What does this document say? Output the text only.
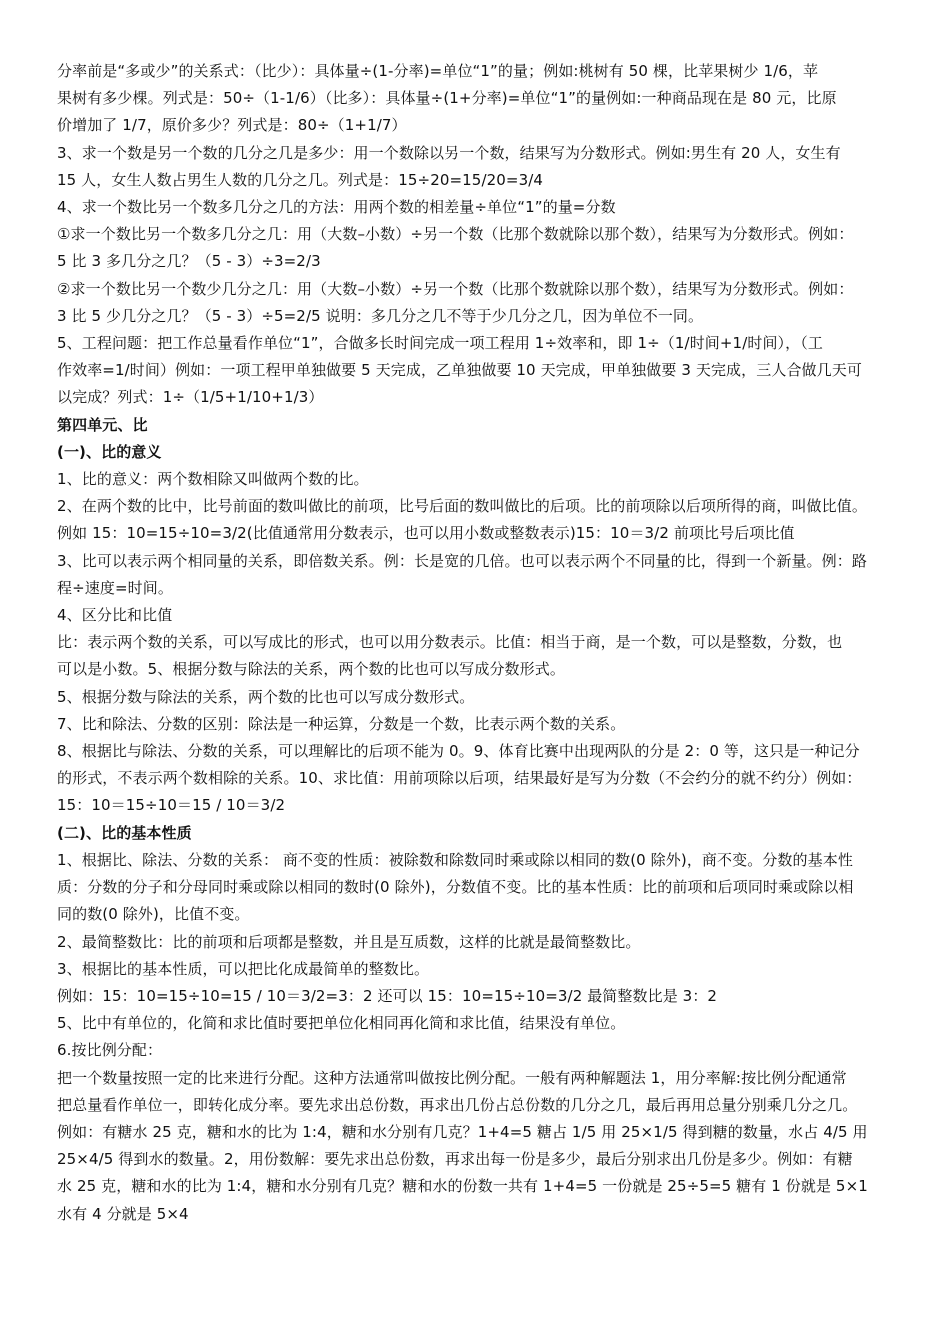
分率前是“多或少”的关系式：（比少）：具体量÷(1-分率)=单位“1”的量；例如:桃树有 50 棵，比苹果树少 1/6，苹
果树有多少棵。列式是：50÷（1-1/6）（比多）：具体量÷(1+分率)=单位“1”的量例如:一种商品现在是 80 元，比原
价增加了 1/7，原价多少？列式是：80÷（1+1/7）
3、求一个数是另一个数的几分之几是多少：用一个数除以另一个数，结果写为分数形式。例如:男生有 20 人，女生有
15 人，女生人数占男生人数的几分之几。列式是：15÷20=15/20=3/4
4、求一个数比另一个数多几分之几的方法：用两个数的相差量÷单位“1”的量=分数
①求一个数比另一个数多几分之几：用（大数–小数）÷另一个数（比那个数就除以那个数），结果写为分数形式。例如：
5 比 3 多几分之几？（5 - 3）÷3=2/3
②求一个数比另一个数少几分之几：用（大数–小数）÷另一个数（比那个数就除以那个数），结果写为分数形式。例如：
3 比 5 少几分之几？（5 - 3）÷5=2/5 说明：多几分之几不等于少几分之几，因为单位不一同。
5、工程问题：把工作总量看作单位“1”，合做多长时间完成一项工程用 1÷效率和，即 1÷（1/时间+1/时间），（工
作效率=1/时间）例如：一项工程甲单独做要 5 天完成，乙单独做要 10 天完成，甲单独做要 3 天完成，三人合做几天可
以完成？列式：1÷（1/5+1/10+1/3）
第四单元、比
(一)、比的意义
1、比的意义：两个数相除又叫做两个数的比。
2、在两个数的比中，比号前面的数叫做比的前项，比号后面的数叫做比的后项。比的前项除以后项所得的商，叫做比值。
例如 15：10=15÷10=3/2(比值通常用分数表示，也可以用小数或整数表示)15：10＝3/2 前项比号后项比值
3、比可以表示两个相同量的关系，即倍数关系。例：长是宽的几倍。也可以表示两个不同量的比，得到一个新量。例：路
程÷速度=时间。
4、区分比和比值
比：表示两个数的关系，可以写成比的形式，也可以用分数表示。比值：相当于商，是一个数，可以是整数，分数，也
可以是小数。5、根据分数与除法的关系，两个数的比也可以写成分数形式。
5、根据分数与除法的关系，两个数的比也可以写成分数形式。
7、比和除法、分数的区别：除法是一种运算，分数是一个数，比表示两个数的关系。
8、根据比与除法、分数的关系，可以理解比的后项不能为 0。9、体育比赛中出现两队的分是 2：0 等，这只是一种记分
的形式，不表示两个数相除的关系。10、求比值：用前项除以后项，结果最好是写为分数（不会约分的就不约分）例如：
15：10＝15÷10＝15 / 10＝3/2
(二)、比的基本性质
1、根据比、除法、分数的关系： 商不变的性质：被除数和除数同时乘或除以相同的数(0 除外)，商不变。分数的基本性
质：分数的分子和分母同时乘或除以相同的数时(0 除外)，分数值不变。比的基本性质：比的前项和后项同时乘或除以相
同的数(0 除外)，比值不变。
2、最简整数比：比的前项和后项都是整数，并且是互质数，这样的比就是最简整数比。
3、根据比的基本性质，可以把比化成最简单的整数比。
例如：15：10=15÷10=15 / 10＝3/2=3：2 还可以 15：10=15÷10=3/2 最简整数比是 3：2
5、比中有单位的，化简和求比值时要把单位化相同再化简和求比值，结果没有单位。
6.按比例分配：
把一个数量按照一定的比来进行分配。这种方法通常叫做按比例分配。一般有两种解题法 1，用分率解:按比例分配通常
把总量看作单位一，即转化成分率。要先求出总份数，再求出几份占总份数的几分之几，最后再用总量分别乘几分之几。
例如：有糖水 25 克，糖和水的比为 1:4，糖和水分别有几克？1+4=5 糖占 1/5 用 25×1/5 得到糖的数量，水占 4/5 用
25×4/5 得到水的数量。2，用份数解：要先求出总份数，再求出每一份是多少，最后分别求出几份是多少。例如：有糖
水 25 克，糖和水的比为 1:4，糖和水分别有几克？糖和水的份数一共有 1+4=5 一份就是 25÷5=5 糖有 1 份就是 5×1
水有 4 分就是 5×4
